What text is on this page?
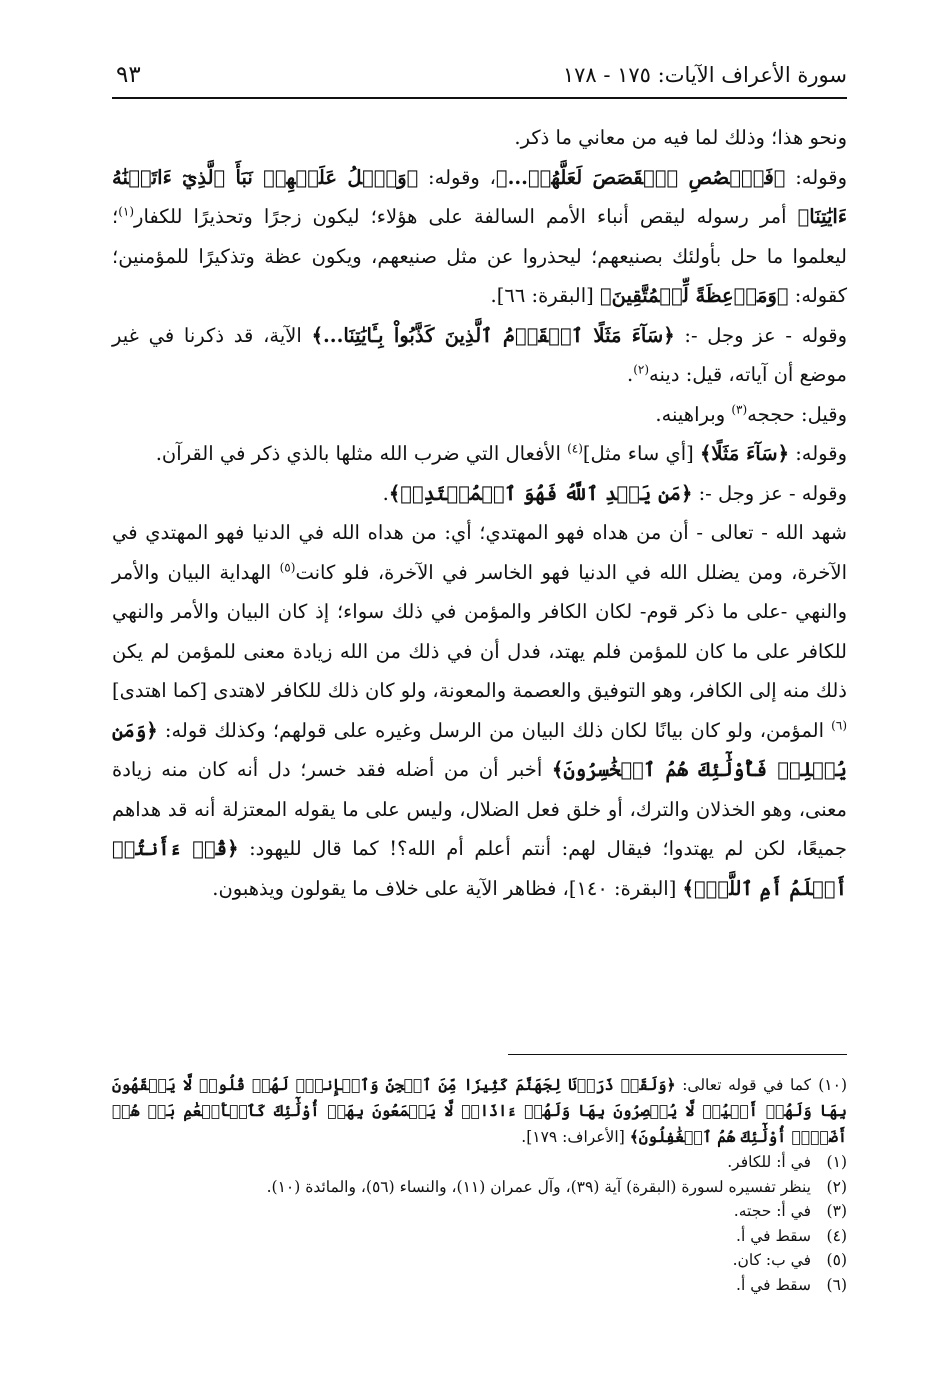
٩٣	سورة الأعراف الآيات: ١٧٥ - ١٧٨

ونحو هذا؛ وذلك لما فيه من معاني ما ذكر.

وقوله: ﴿فَٱقۡصُصِ ٱلۡقَصَصَ لَعَلَّهُمۡ...﴾، وقوله: ﴿وَٱتۡلُ عَلَيۡهِمۡ نَبَأَ ٱلَّذِيٓ ءَاتَيۡنَٰهُ ءَايَٰتِنَا﴾ أمر رسوله ليقص أنباء الأمم السالفة على هؤلاء؛ ليكون زجرًا وتحذيرًا للكفار$^{(١)}$؛ ليعلموا ما حل بأولئك بصنيعهم؛ ليحذروا عن مثل صنيعهم، ويكون عظة وتذكيرًا للمؤمنين؛ كقوله: ﴿وَمَوۡعِظَةً لِّلۡمُتَّقِينَ﴾ [البقرة: ٦٦].

وقوله - عز وجل -: ﴿سَآءَ مَثَلًا ٱلۡقَوۡمُ ٱلَّذِينَ كَذَّبُواْ بِـَٔايَٰتِنَا...﴾ الآية، قد ذكرنا في غير موضع أن آياته، قيل: دينه$^{(٢)}$.

وقيل: حججه$^{(٣)}$ وبراهينه.

وقوله: ﴿سَآءَ مَثَلًا﴾ [أي ساء مثل]$^{(٤)}$ الأفعال التي ضرب الله مثلها بالذي ذكر في القرآن.

وقوله - عز وجل -: ﴿مَن يَهۡدِ ٱللَّهُ فَهُوَ ٱلۡمُهۡتَدِيۖ﴾.

شهد الله - تعالى - أن من هداه فهو المهتدي؛ أي: من هداه الله في الدنيا فهو المهتدي في الآخرة، ومن يضلل الله في الدنيا فهو الخاسر في الآخرة، فلو كانت$^{(٥)}$ الهداية البيان والأمر والنهي -على ما ذكر قوم- لكان الكافر والمؤمن في ذلك سواء؛ إذ كان البيان والأمر والنهي للكافر على ما كان للمؤمن فلم يهتد، فدل أن في ذلك من الله زيادة معنى للمؤمن لم يكن ذلك منه إلى الكافر، وهو التوفيق والعصمة والمعونة، ولو كان ذلك للكافر لاهتدى [كما اهتدى]$^{(٦)}$ المؤمن، ولو كان بيانًا لكان ذلك البيان من الرسل وغيره على قولهم؛ وكذلك قوله: ﴿وَمَن يُضۡلِلۡ فَأُوْلَٰٓئِكَ هُمُ ٱلۡخَٰسِرُونَ﴾ أخبر أن من أضله فقد خسر؛ دل أنه كان منه زيادة معنى، وهو الخذلان والترك، أو خلق فعل الضلال، وليس على ما يقوله المعتزلة أنه قد هداهم جميعًا، لكن لم يهتدوا؛ فيقال لهم: أنتم أعلم أم الله؟! كما قال لليهود: ﴿قُلۡ ءَأَنتُمۡ أَعۡلَمُ أَمِ ٱللَّهُۗ﴾ [البقرة: ١٤٠]، فظاهر الآية على خلاف ما يقولون ويذهبون.

(١٠)كما في قوله تعالى: ﴿وَلَقَدۡ ذَرَأۡنَا لِجَهَنَّمَ كَثِيرٗا مِّنَ ٱلۡجِنِّ وَٱلۡإِنسِۖ لَهُمۡ قُلُوبٞ لَّا يَفۡقَهُونَ بِهَا وَلَهُمۡ أَعۡيُنٞ لَّا يُبۡصِرُونَ بِهَا وَلَهُمۡ ءَاذَانٞ لَّا يَسۡمَعُونَ بِهَآۚ أُوْلَٰٓئِكَ كَٱلۡأَنۡعَٰمِ بَلۡ هُمۡ أَضَلُّۚ أُوْلَٰٓئِكَ هُمُ ٱلۡغَٰفِلُونَ﴾ [الأعراف: ١٧٩].

(١)في أ: للكافر.

(٢)ينظر تفسيره لسورة (البقرة) آية (٣٩)، وآل عمران (١١)، والنساء (٥٦)، والمائدة (١٠).

(٣)في أ: حجته.

(٤)سقط في أ.

(٥)في ب: كان.

(٦)سقط في أ.
